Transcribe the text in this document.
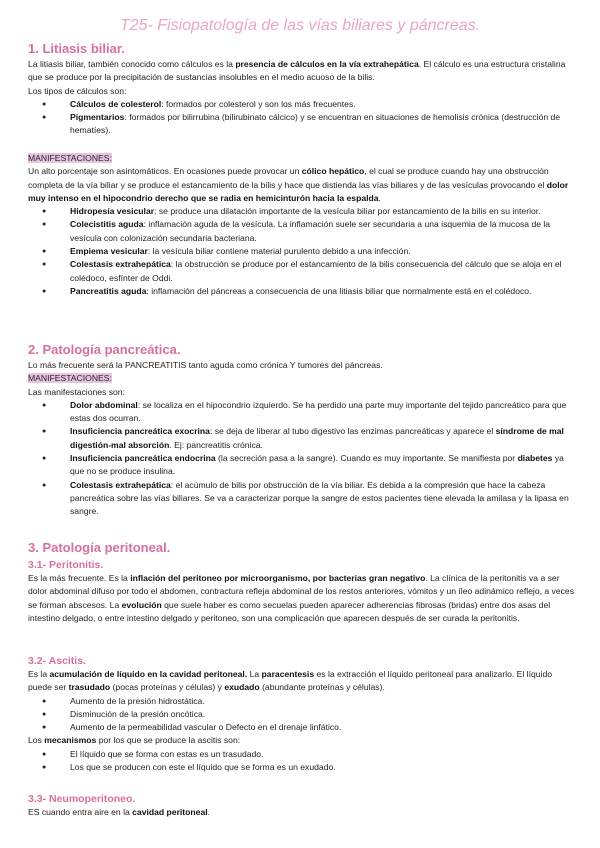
T25- Fisiopatología de las vías biliares y páncreas.
1. Litiasis biliar.

La litiasis biliar, también conocido como cálculos es la presencia de cálculos en la vía extrahepática. El cálculo es una estructura cristalina que se produce por la precipitación de sustancias insolubles en el medio acuoso de la bilis.

Los tipos de cálculos son:

● Cálculos de colesterol: formados por colesterol y son los más frecuentes.
● Pigmentarios: formados por bilirrubina (bilirubinato cálcico) y se encuentran en situaciones de hemolisis crónica (destrucción de hematíes).

MANIFESTACIONES:

Un alto porcentaje son asintomáticos. En ocasiones puede provocar un cólico hepático, el cual se produce cuando hay una obstrucción completa de la vía biliar y se produce el estancamiento de la bilis y hace que distienda las vías biliares y de las vesículas provocando el dolor muy intenso en el hipocondrio derecho que se radia en hemicinturón hacia la espalda.

● Hidropesía vesicular: se produce una dilatación importante de la vesícula biliar por estancamiento de la bilis en su interior.
● Colecistitis aguda: inflamación aguda de la vesícula. La inflamación suele ser secundaria a una isquemia de la mucosa de la vesícula con colonización secundaria bacteriana.
● Empiema vesicular: la vesícula biliar contiene material purulento debido a una infección.
● Colestasis extrahepática: la obstrucción se produce por el estancamiento de la bilis consecuencia del cálculo que se aloja en el colédoco, esfínter de Oddi.
● Pancreatitis aguda: inflamación del páncreas a consecuencia de una litiasis biliar que normalmente está en el colédoco.
2. Patología pancreática.

Lo más frecuente será la PANCREATITIS tanto aguda como crónica Y tumores del páncreas.

MANIFESTACIONES:

Las manifestaciones son:

● Dolor abdominal: se localiza en el hipocondrio izquierdo. Se ha perdido una parte muy importante del tejido pancreático para que estas dos ocurran.
● Insuficiencia pancreática exocrina: se deja de liberar al tubo digestivo las enzimas pancreáticas y aparece el síndrome de mal digestión-mal absorción. Ej: pancreatitis crónica.
● Insuficiencia pancreática endocrina (la secreción pasa a la sangre). Cuando es muy importante. Se manifiesta por diabetes ya que no se produce insulina.
● Colestasis extrahepática: el acúmulo de bilis por obstrucción de la vía biliar. Es debida a la compresión que hace la cabeza pancreática sobre las vías biliares. Se va a caracterizar porque la sangre de estos pacientes tiene elevada la amilasa y la lipasa en sangre.
3. Patología peritoneal.
3.1- Peritonitis.

Es la más frecuente. Es la inflación del peritoneo por microorganismo, por bacterias gran negativo. La clínica de la peritonitis va a ser dolor abdominal difuso por todo el abdomen, contractura refleja abdominal de los restos anteriores, vómitos y un íleo adinámico reflejo, a veces se forman abscesos. La evolución que suele haber es como secuelas pueden aparecer adherencias fibrosas (bridas) entre dos asas del intestino delgado, o entre intestino delgado y peritoneo, son una complicación que aparecen después de ser curada la peritonitis.

3.2- Ascitis.

Es la acumulación de líquido en la cavidad peritoneal. La paracentesis es la extracción el líquido peritoneal para analizarlo. El líquido puede ser trasudado (pocas proteínas y células) y exudado (abundante proteínas y células).

● Aumento de la presión hidrostática.
● Disminución de la presión oncótica.
● Aumento de la permeabilidad vascular o Defecto en el drenaje linfático.

Los mecanismos por los que se produce la ascitis son:

● El líquido que se forma con estas es un trasudado.
● Los que se producen con este el líquido que se forma es un exudado.
3.3- Neumoperitoneo.

ES cuando entra aire en la cavidad peritoneal.
